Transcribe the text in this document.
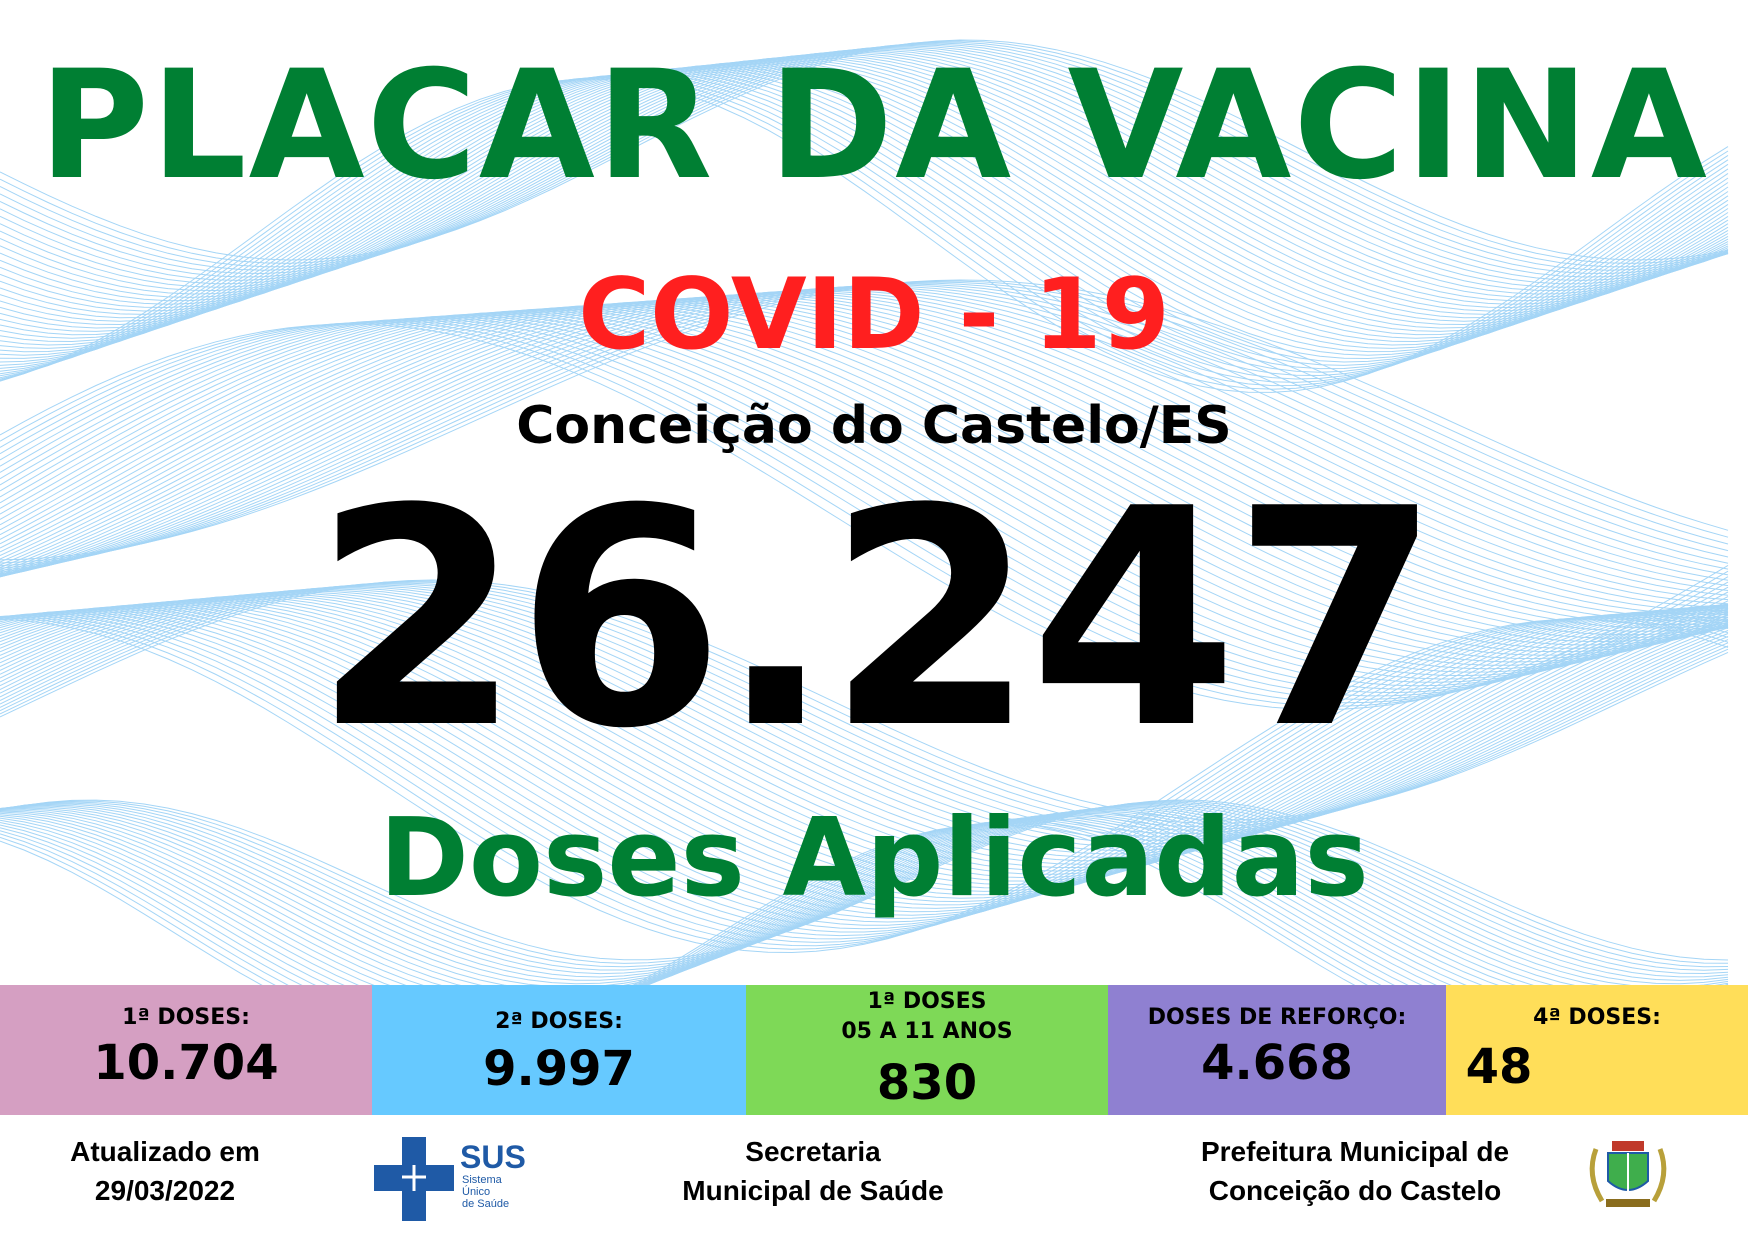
PLACAR DA VACINA
COVID - 19
Conceição do Castelo/ES
26.247
Doses Aplicadas
1ª DOSES:
10.704
2ª DOSES:
9.997
1ª DOSES
05 A 11 ANOS
830
DOSES DE REFORÇO:
4.668
4ª DOSES:
48
Atualizado em
29/03/2022
SUS
Sistema
Único
de Saúde
Secretaria
Municipal de Saúde
Prefeitura Municipal de
Conceição do Castelo
